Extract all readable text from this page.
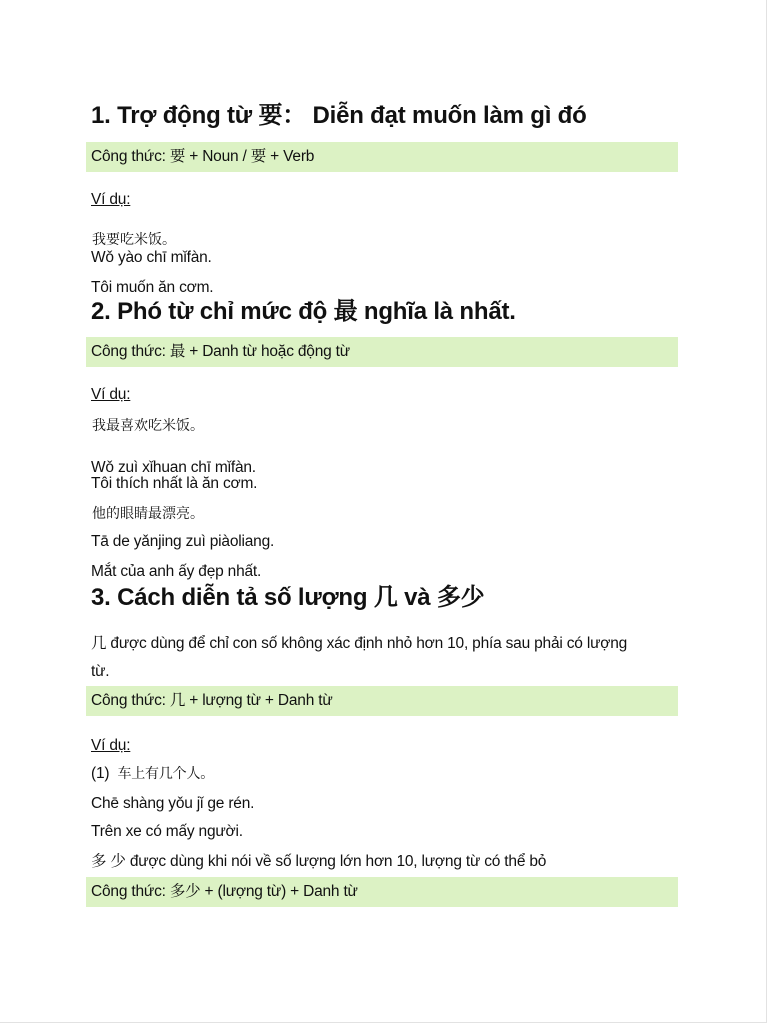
1. Trợ động từ 要： Diễn đạt muốn làm gì đó
Công thức: 要 + Noun / 要 + Verb
Ví dụ:
我要吃米饭。
Wǒ yào chī mǐfàn.
Tôi muốn ăn cơm.
2. Phó từ chỉ mức độ 最 nghĩa là nhất.
Công thức: 最 + Danh từ hoặc động từ
Ví dụ:
我最喜欢吃米饭。
Wǒ zuì xǐhuan chī mǐfàn.
Tôi thích nhất là ăn cơm.
他的眼睛最漂亮。
Tā de yǎnjing zuì piàoliang.
Mắt của anh ấy đẹp nhất.
3. Cách diễn tả số lượng 几 và 多少
几 được dùng để chỉ con số không xác định nhỏ hơn 10, phía sau phải có lượng
từ.
Công thức: 几 + lượng từ + Danh từ
Ví dụ:
(1) 车上有几个人。
Chē shàng yǒu jǐ ge rén.
Trên xe có mấy người.
多 少 được dùng khi nói về số lượng lớn hơn 10, lượng từ có thể bỏ
Công thức: 多少 + (lượng từ) + Danh từ
